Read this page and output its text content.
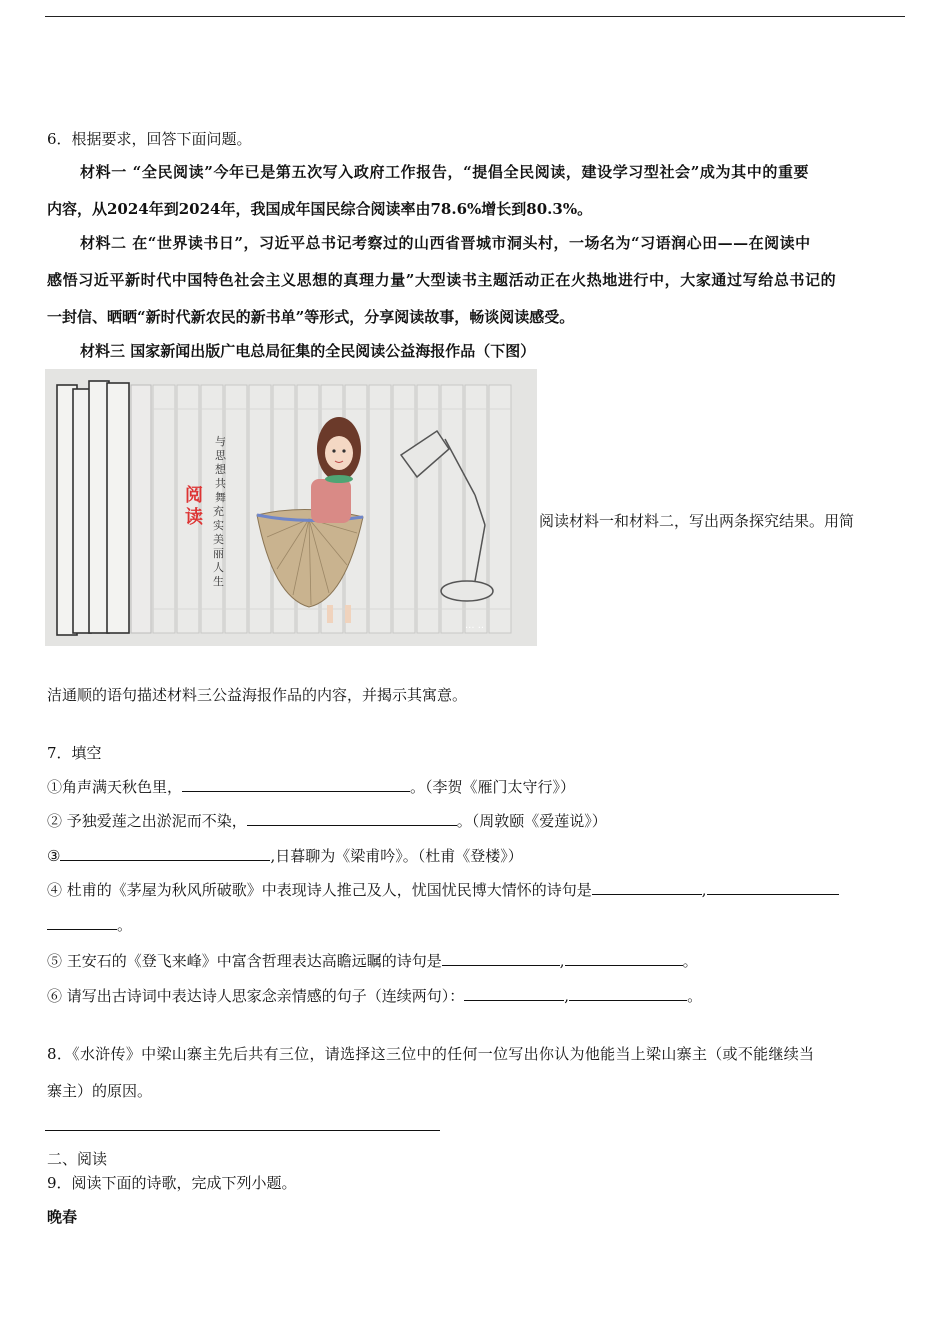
6．根据要求，回答下面问题。
材料一 “全民阅读”今年已是第五次写入政府工作报告，“提倡全民阅读，建设学习型社会”成为其中的重要
内容，从2024年到2024年，我国成年国民综合阅读率由78.6%增长到80.3%。
材料二 在“世界读书日”，习近平总书记考察过的山西省晋城市洞头村，一场名为“习语润心田——在阅读中
感悟习近平新时代中国特色社会主义思想的真理力量”大型读书主题活动正在火热地进行中，大家通过写给总书记的
一封信、晒晒“新时代新农民的新书单”等形式，分享阅读故事，畅谈阅读感受。
材料三 国家新闻出版广电总局征集的全民阅读公益海报作品（下图）
··· ··
阅
读
与
思
想
共
舞
充
实
美
丽
人
生
阅读材料一和材料二，写出两条探究结果。用简
洁通顺的语句描述材料三公益海报作品的内容，并揭示其寓意。
7．填空
①角声满天秋色里，	。（李贺《雁门太守行》）
② 予独爱莲之出淤泥而不染，	。（周敦颐《爱莲说》）
③	,日暮聊为《梁甫吟》。（杜甫《登楼》）
④ 杜甫的《茅屋为秋风所破歌》中表现诗人推己及人，忧国忧民博大情怀的诗句是	,
。
⑤ 王安石的《登飞来峰》中富含哲理表达高瞻远瞩的诗句是	,	。
⑥ 请写出古诗词中表达诗人思家念亲情感的句子（连续两句）：	,	。
8．《水浒传》中梁山寨主先后共有三位，请选择这三位中的任何一位写出你认为他能当上梁山寨主（或不能继续当
寨主）的原因。
二、阅读
9．阅读下面的诗歌，完成下列小题。
晚春
